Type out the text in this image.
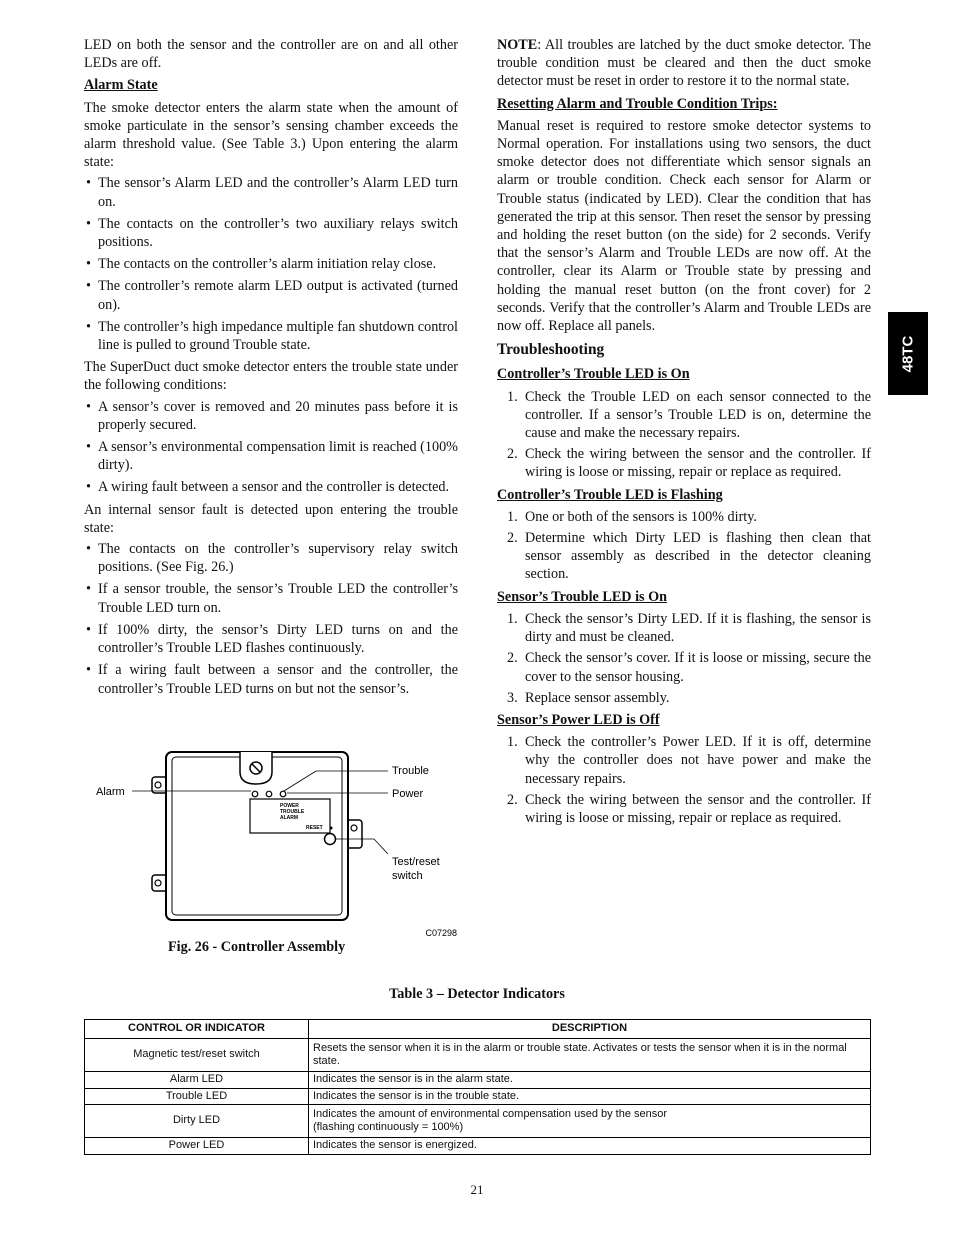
LED on both the sensor and the controller are on and all other LEDs are off.

Alarm State

The smoke detector enters the alarm state when the amount of smoke particulate in the sensor’s sensing chamber exceeds the alarm threshold value. (See Table 3.) Upon entering the alarm state:

• The sensor’s Alarm LED and the controller’s Alarm LED turn on.
• The contacts on the controller’s two auxiliary relays switch positions.
• The contacts on the controller’s alarm initiation relay close.
• The controller’s remote alarm LED output is activated (turned on).
• The controller’s high impedance multiple fan shutdown control line is pulled to ground Trouble state.

The SuperDuct duct smoke detector enters the trouble state under the following conditions:

• A sensor’s cover is removed and 20 minutes pass before it is properly secured.
• A sensor’s environmental compensation limit is reached (100% dirty).
• A wiring fault between a sensor and the controller is detected.

An internal sensor fault is detected upon entering the trouble state:

• The contacts on the controller’s supervisory relay switch positions. (See Fig. 26.)
• If a sensor trouble, the sensor’s Trouble LED the controller’s Trouble LED turn on.
• If 100% dirty, the sensor’s Dirty LED turns on and the controller’s Trouble LED flashes continuously.
• If a wiring fault between a sensor and the controller, the controller’s Trouble LED turns on but not the sensor’s.
POWER
TROUBLE
ALARM
RESET
Alarm
Trouble
Power
Test/reset
switch
C07298
Fig. 26 - Controller Assembly

NOTE: All troubles are latched by the duct smoke detector. The trouble condition must be cleared and then the duct smoke detector must be reset in order to restore it to the normal state.

Resetting Alarm and Trouble Condition Trips:

Manual reset is required to restore smoke detector systems to Normal operation. For installations using two sensors, the duct smoke detector does not differentiate which sensor signals an alarm or trouble condition. Check each sensor for Alarm or Trouble status (indicated by LED). Clear the condition that has generated the trip at this sensor. Then reset the sensor by pressing and holding the reset button (on the side) for 2 seconds. Verify that the sensor’s Alarm and Trouble LEDs are now off. At the controller, clear its Alarm or Trouble state by pressing and holding the manual reset button (on the front cover) for 2 seconds. Verify that the controller’s Alarm and Trouble LEDs are now off. Replace all panels.

Troubleshooting

Controller’s Trouble LED is On

1. Check the Trouble LED on each sensor connected to the controller. If a sensor’s Trouble LED is on, determine the cause and make the necessary repairs.
2. Check the wiring between the sensor and the controller. If wiring is loose or missing, repair or replace as required.

Controller’s Trouble LED is Flashing

1. One or both of the sensors is 100% dirty.
2. Determine which Dirty LED is flashing then clean that sensor assembly as described in the detector cleaning section.

Sensor’s Trouble LED is On

1. Check the sensor’s Dirty LED. If it is flashing, the sensor is dirty and must be cleaned.
2. Check the sensor’s cover. If it is loose or missing, secure the cover to the sensor housing.
3. Replace sensor assembly.

Sensor’s Power LED is Off

1. Check the controller’s Power LED. If it is off, determine why the controller does not have power and make the necessary repairs.
2. Check the wiring between the sensor and the controller. If wiring is loose or missing, repair or replace as required.
48TC
Table 3 – Detector Indicators
CONTROL OR INDICATOR	DESCRIPTION
Magnetic test/reset switch	Resets the sensor when it is in the alarm or trouble state. Activates or tests the sensor when it is in the normal state.
Alarm LED	Indicates the sensor is in the alarm state.
Trouble LED	Indicates the sensor is in the trouble state.
Dirty LED	Indicates the amount of environmental compensation used by the sensor
(flashing continuously = 100%)
Power LED	Indicates the sensor is energized.
21
